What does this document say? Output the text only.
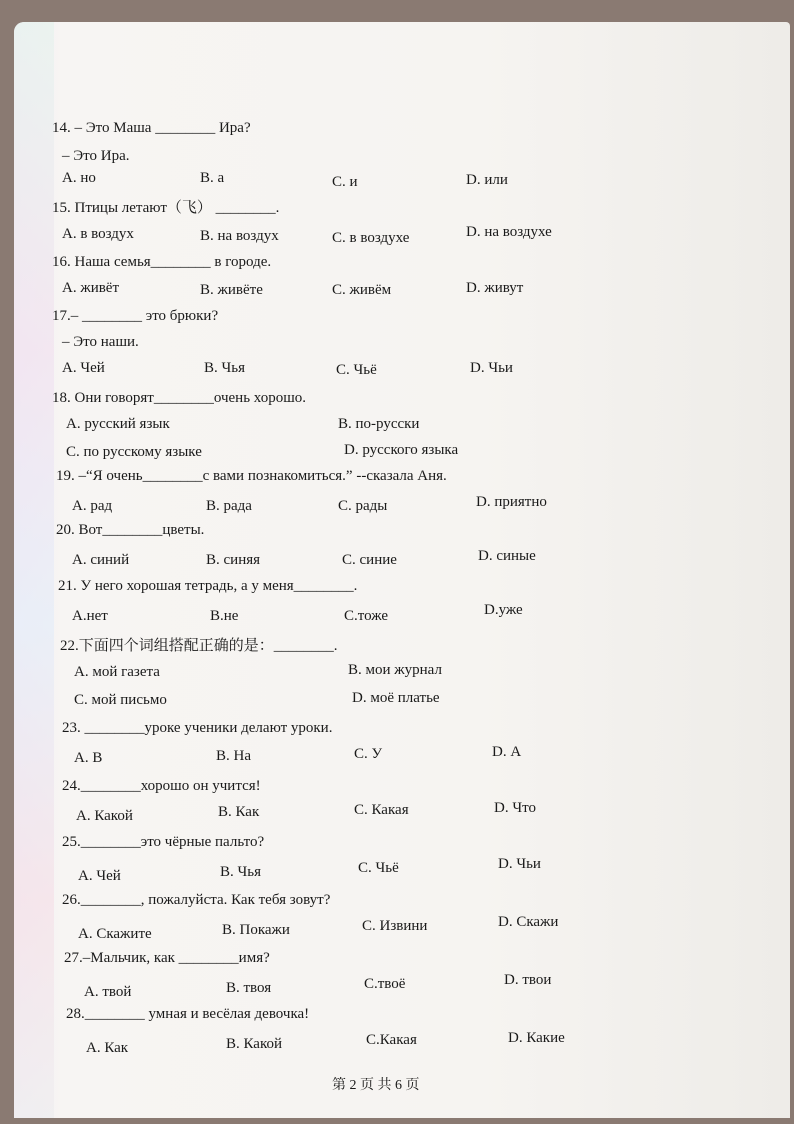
14. – Это Маша ________ Ира?
– Это Ира.
A. но	B. а	C. и	D. или
15. Птицы летают（飞） ________.
A. в воздух	B. на воздух	C. в воздухе	D. на воздухе
16. Наша семья________ в городе.
A. живёт	B. живёте	C. живём	D. живут
17.– ________ это брюки?
– Это наши.
A. Чей	B. Чья	C. Чьё	D. Чьи
18. Они говорят________очень хорошо.
A. русский язык	B. по-русски
C. по русскому языке	D. русского языка
19. –“Я очень________с вами познакомиться.” --сказала Аня.
A. рад	B. рада	C. рады	D. приятно
20. Вот________цветы.
A. синий	B. синяя	C. синие	D. синые
21. У него хорошая тетрадь, а у меня________.
A.нет	B.не	C.тоже	D.уже
22.下面四个词组搭配正确的是：________.
A. мой газета	B. мои журнал
C. мой письмо	D. моё платье
23. ________уроке ученики делают уроки.
A. В	B. На	C. У	D. А
24.________хорошо он учится!
A. Какой	B. Как	C. Какая	D. Что
25.________это чёрные пальто?
A. Чей	B. Чья	C. Чьё	D. Чьи
26.________, пожалуйста. Как тебя зовут?
A. Скажите	B. Покажи	C. Извини	D. Скажи
27.–Мальчик, как ________имя?
A. твой	B. твоя	C.твоё	D. твои
28.________ умная и весёлая девочка!
A. Как	B. Какой	C.Какая	D. Какие
第 2 页 共 6 页
